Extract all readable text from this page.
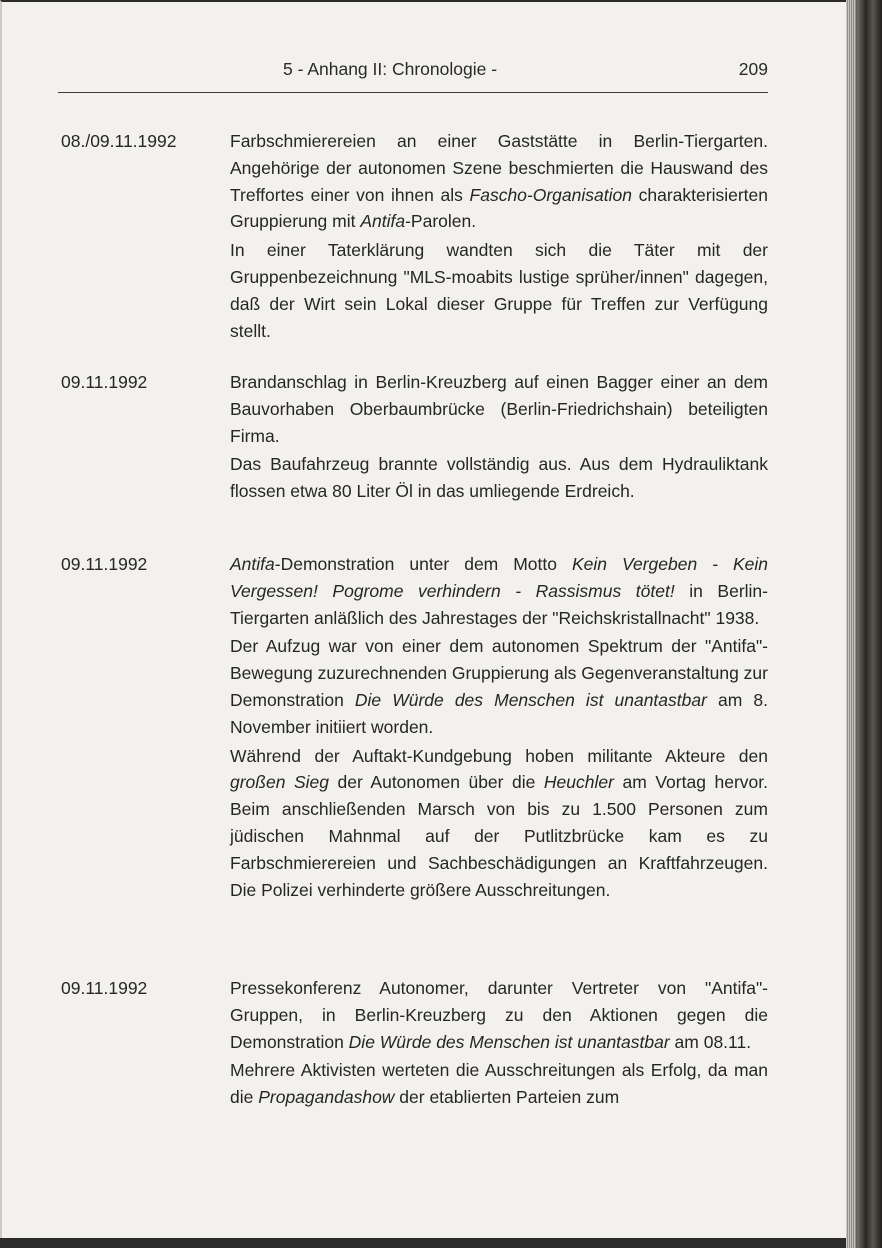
5 - Anhang II: Chronologie -	209
08./09.11.1992	Farbschmierereien an einer Gaststätte in Berlin-Tiergarten. Angehörige der autonomen Szene beschmierten die Hauswand des Treffortes einer von ihnen als Fascho-Organisation charakterisierten Gruppierung mit Antifa-Parolen.

In einer Taterklärung wandten sich die Täter mit der Gruppenbezeichnung "MLS-moabits lustige sprüher/innen" dagegen, daß der Wirt sein Lokal dieser Gruppe für Treffen zur Verfügung stellt.

09.11.1992	Brandanschlag in Berlin-Kreuzberg auf einen Bagger einer an dem Bauvorhaben Oberbaumbrücke (Berlin-Friedrichshain) beteiligten Firma.

Das Baufahrzeug brannte vollständig aus. Aus dem Hydrauliktank flossen etwa 80 Liter Öl in das umliegende Erdreich.

09.11.1992	Antifa-Demonstration unter dem Motto Kein Vergeben - Kein Vergessen! Pogrome verhindern - Rassismus tötet! in Berlin-Tiergarten anläßlich des Jahrestages der "Reichskristallnacht" 1938.

Der Aufzug war von einer dem autonomen Spektrum der "Antifa"-Bewegung zuzurechnenden Gruppierung als Gegenveranstaltung zur Demonstration Die Würde des Menschen ist unantastbar am 8. November initiiert worden.

Während der Auftakt-Kundgebung hoben militante Akteure den großen Sieg der Autonomen über die Heuchler am Vortag hervor. Beim anschließenden Marsch von bis zu 1.500 Personen zum jüdischen Mahnmal auf der Putlitzbrücke kam es zu Farbschmierereien und Sachbeschädigungen an Kraftfahrzeugen. Die Polizei verhinderte größere Ausschreitungen.

09.11.1992	Pressekonferenz Autonomer, darunter Vertreter von "Antifa"-Gruppen, in Berlin-Kreuzberg zu den Aktionen gegen die Demonstration Die Würde des Menschen ist unantastbar am 08.11.

Mehrere Aktivisten werteten die Ausschreitungen als Erfolg, da man die Propagandashow der etablierten Parteien zum
